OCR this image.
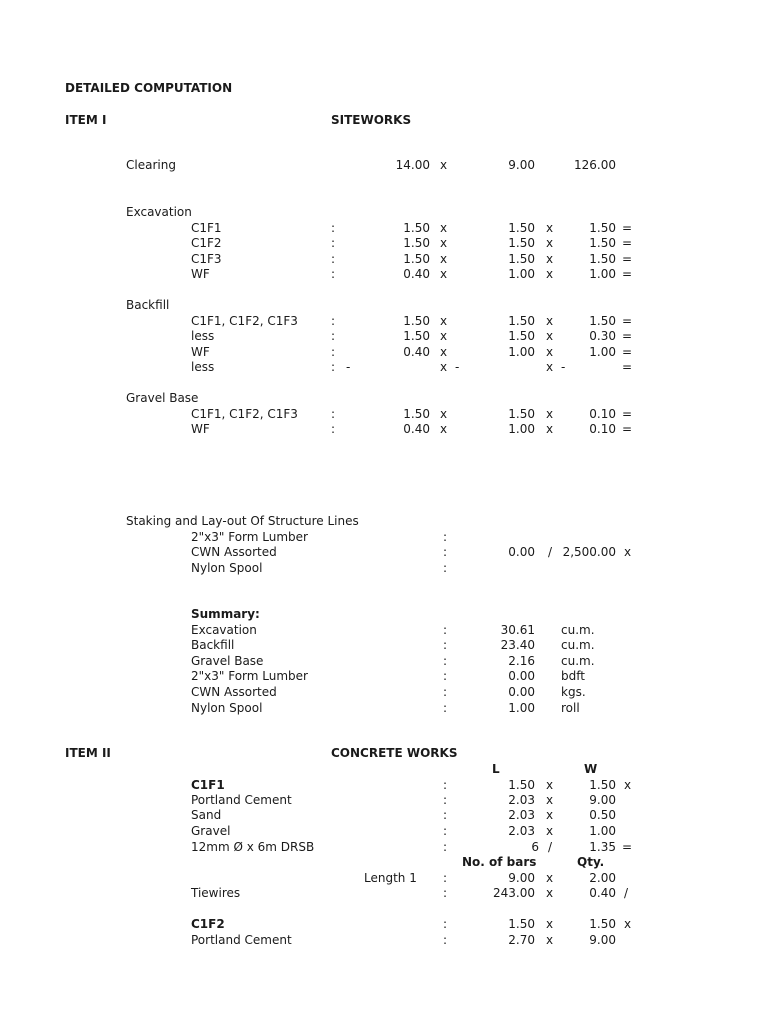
DETAILED COMPUTATION
ITEM I	SITEWORKS
Clearing	14.00 x	9.00	126.00
Excavation
C1F1	:	1.50 x	1.50 x	1.50 =
C1F2	:	1.50 x	1.50 x	1.50 =
C1F3	:	1.50 x	1.50 x	1.50 =
WF	:	0.40 x	1.00 x	1.00 =
Backfill
C1F1, C1F2, C1F3	:	1.50 x	1.50 x	1.50 =
less	:	1.50 x	1.50 x	0.30 =
WF	:	0.40 x	1.00 x	1.00 =
less	: -	x -	x -	=
Gravel Base
C1F1, C1F2, C1F3	:	1.50 x	1.50 x	0.10 =
WF	:	0.40 x	1.00 x	0.10 =
Staking and Lay-out Of Structure Lines
2"x3" Form Lumber	:
CWN Assorted	:	0.00 / 2,500.00 x
Nylon Spool	:
Summary:
Excavation	:	30.61 cu.m.
Backfill	:	23.40 cu.m.
Gravel Base	:	2.16 cu.m.
2"x3" Form Lumber	:	0.00 bdft
CWN Assorted	:	0.00 kgs.
Nylon Spool	:	1.00 roll
ITEM II	CONCRETE WORKS
L	W
C1F1	:	1.50 x	1.50 x
Portland Cement	:	2.03 x	9.00
Sand	:	2.03 x	0.50
Gravel	:	2.03 x	1.00
12mm Ø x 6m DRSB	:	6 /	1.35 =
No. of bars	Qty.
Length 1 :	9.00 x	2.00
Tiewires	:	243.00 x	0.40 /
C1F2	:	1.50 x	1.50 x
Portland Cement	:	2.70 x	9.00
